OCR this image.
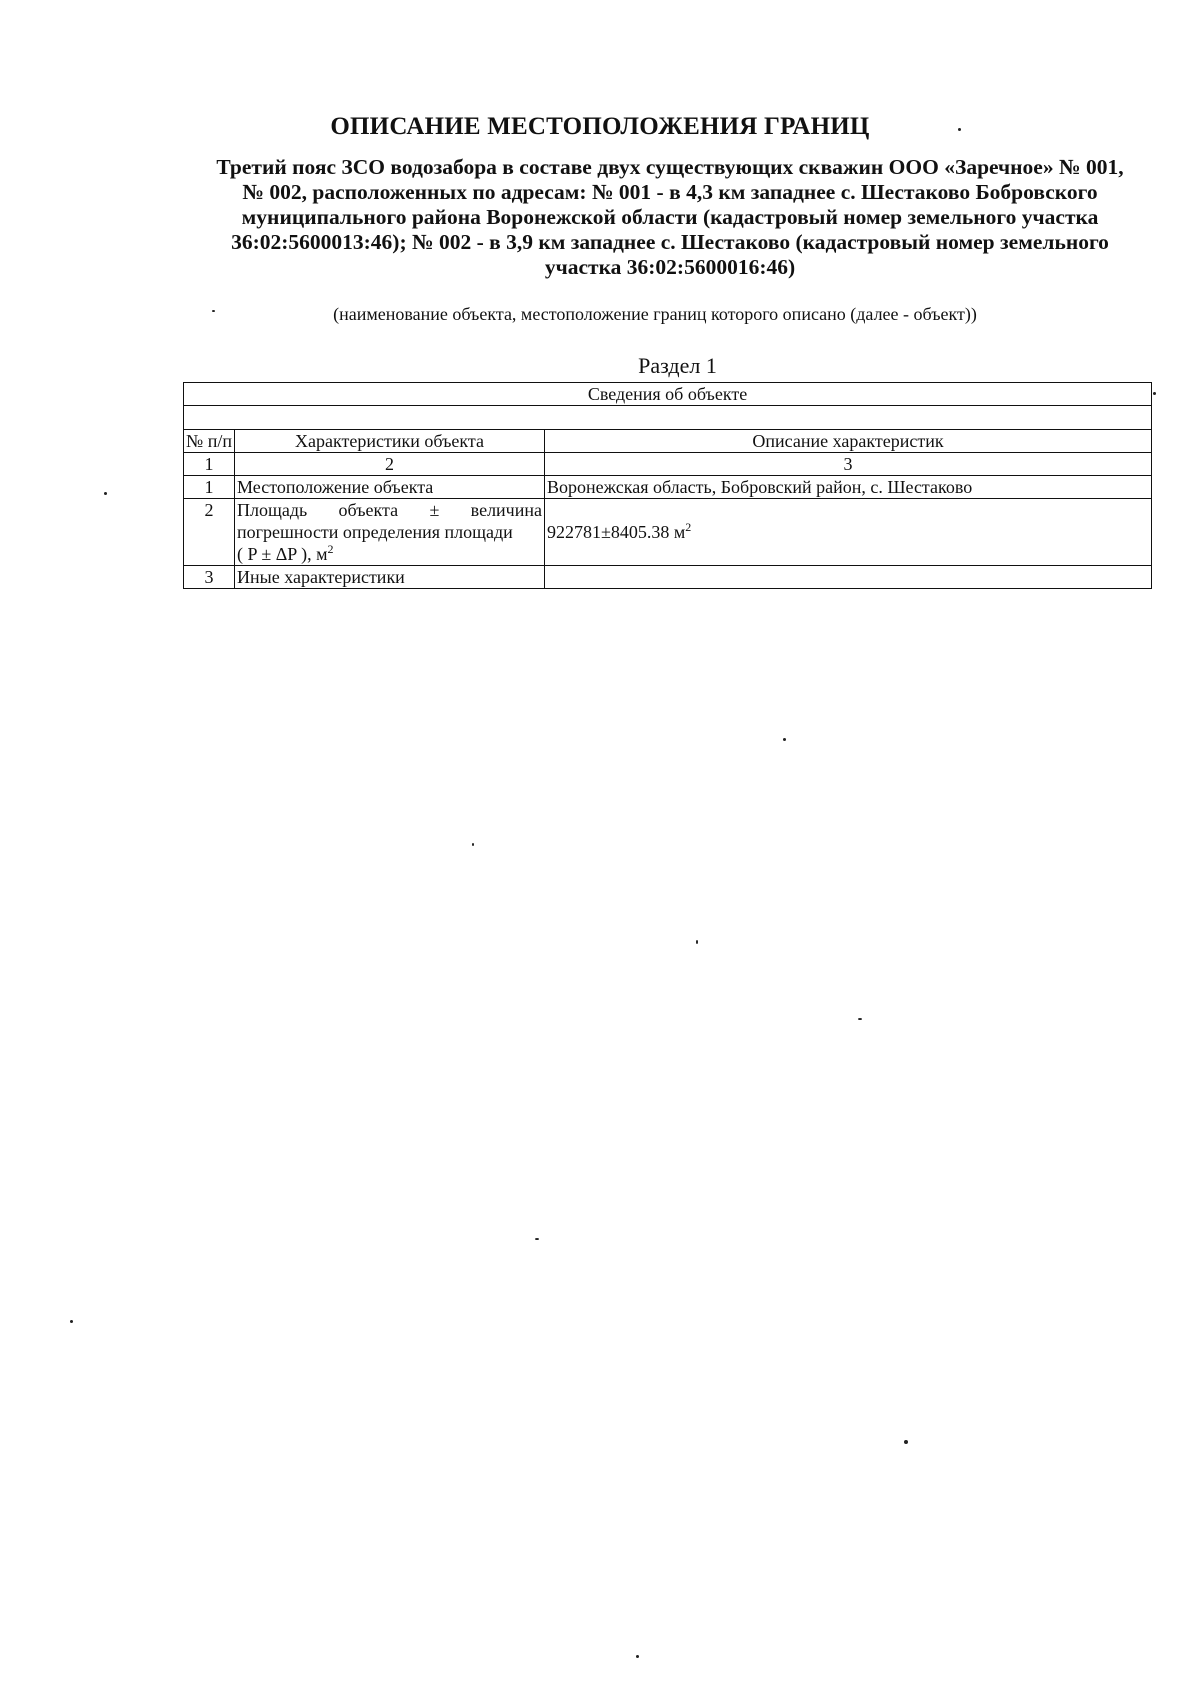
ОПИСАНИЕ МЕСТОПОЛОЖЕНИЯ ГРАНИЦ
Третий пояс ЗСО водозабора в составе двух существующих скважин ООО «Заречное» № 001,
№ 002, расположенных по адресам: № 001 - в 4,3 км западнее с. Шестаково Бобровского
муниципального района Воронежской области (кадастровый номер земельного участка
36:02:5600013:46); № 002 - в 3,9 км западнее с. Шестаково (кадастровый номер земельного
участка 36:02:5600016:46)

(наименование объекта, местоположение границ которого описано (далее - объект))

Раздел 1

Сведения об объекте		

№ п/п	Характеристики объекта	Описание характеристик
1	2	3
1	Местоположение объекта	Воронежская область, Бобровский район, с. Шестаково
2	Площадь объекта ± величина
погрешности определения площади
( P ± ΔP ), $м^2$	922781±8405.38 $м^2$
3	Иные характеристики	
